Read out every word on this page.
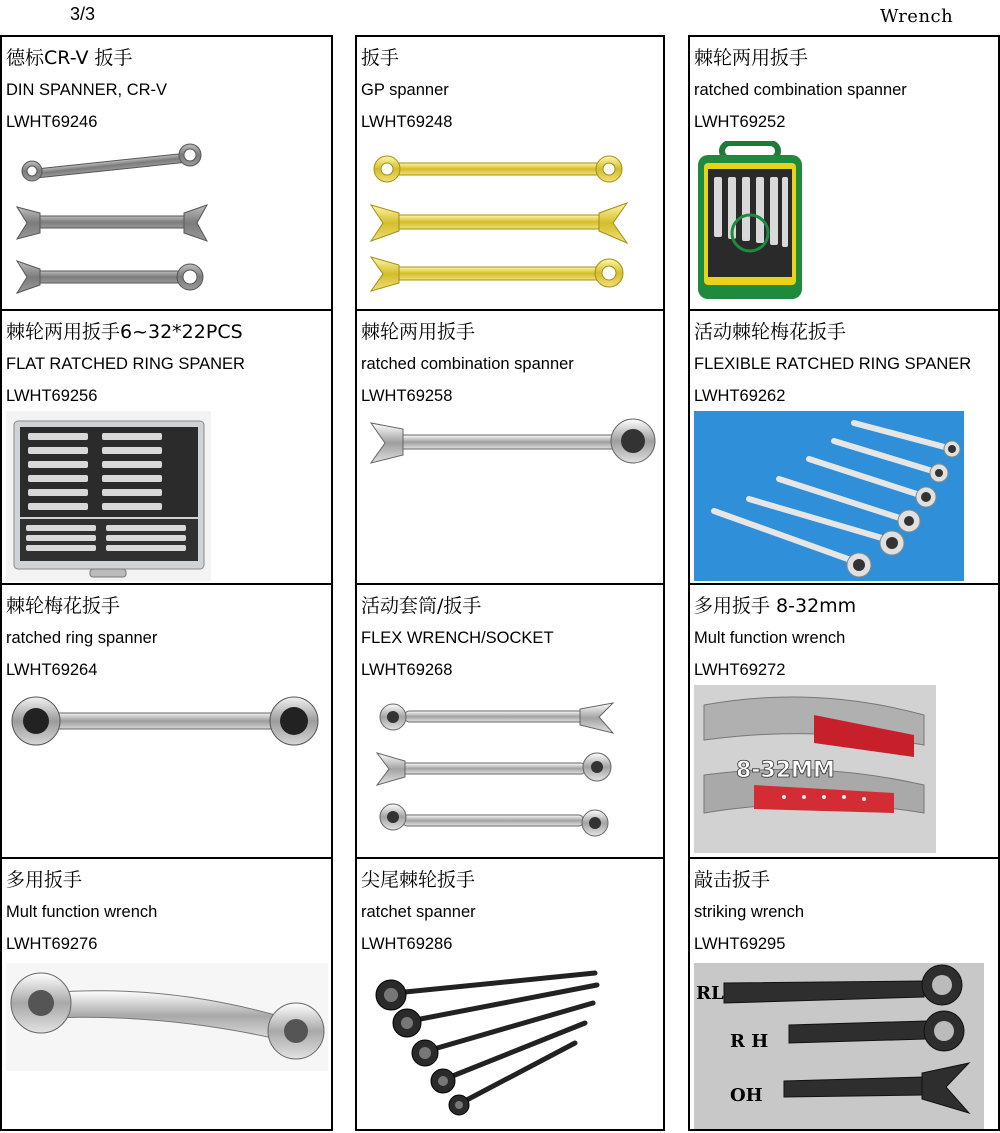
3/3	Wrench
德标CR-V 扳手
DIN SPANNER, CR-V
LWHT69246
棘轮两用扳手6~32*22PCS
FLAT RATCHED RING SPANER
LWHT69256
棘轮梅花扳手
ratched ring spanner
LWHT69264
多用扳手
Mult function wrench
LWHT69276
扳手
GP spanner
LWHT69248
棘轮两用扳手
ratched combination spanner
LWHT69258
活动套筒/扳手
FLEX WRENCH/SOCKET
LWHT69268
尖尾棘轮扳手
ratchet spanner
LWHT69286
棘轮两用扳手
ratched combination spanner
LWHT69252
活动棘轮梅花扳手
FLEXIBLE RATCHED RING SPANER
LWHT69262
多用扳手 8-32mm
Mult function wrench
LWHT69272
8-32MM
敲击扳手
striking wrench
LWHT69295
RL
R H
OH
